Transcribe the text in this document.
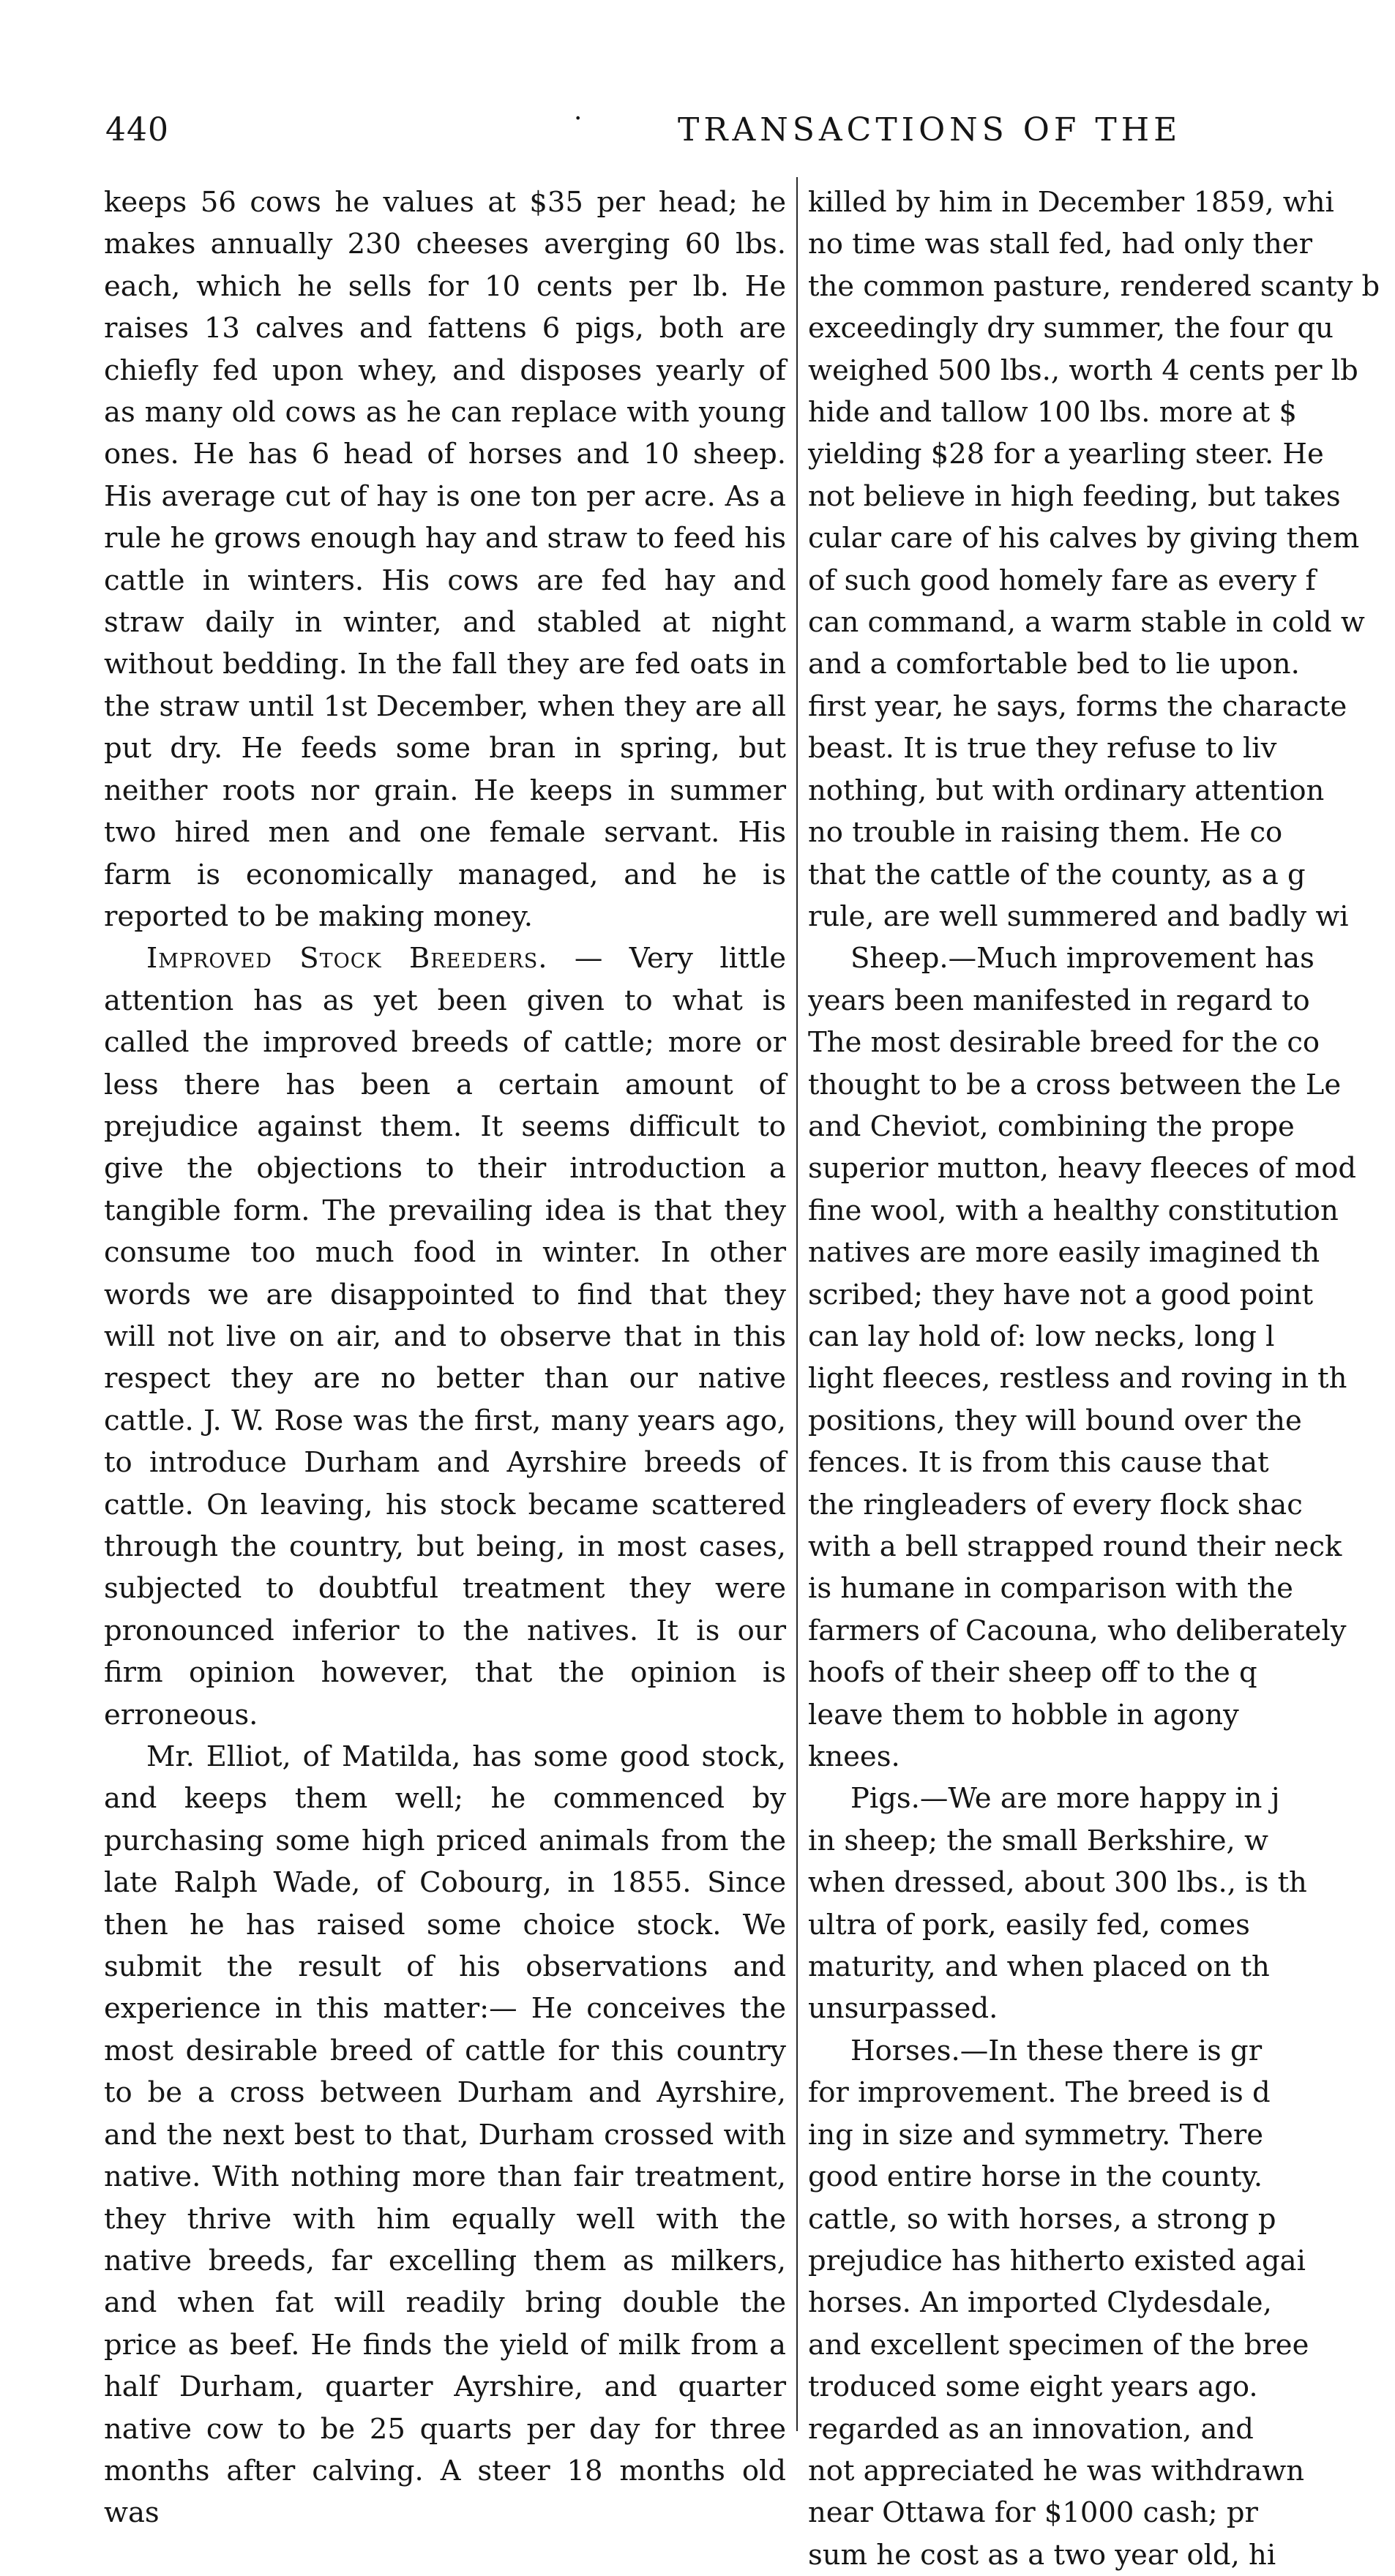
440	·	TRANSACTIONS OF THE

keeps 56 cows he values at $35 per head; he makes annually 230 cheeses averging 60 lbs. each, which he sells for 10 cents per lb. He raises 13 calves and fattens 6 pigs, both are chiefly fed upon whey, and disposes yearly of as many old cows as he can replace with young ones. He has 6 head of horses and 10 sheep. His average cut of hay is one ton per acre. As a rule he grows enough hay and straw to feed his cattle in winters. His cows are fed hay and straw daily in winter, and stabled at night without bedding. In the fall they are fed oats in the straw until 1st December, when they are all put dry. He feeds some bran in spring, but neither roots nor grain. He keeps in summer two hired men and one female servant. His farm is economically managed, and he is reported to be making money.

Improved Stock Breeders. — Very little attention has as yet been given to what is called the improved breeds of cattle; more or less there has been a certain amount of prejudice against them. It seems difficult to give the objections to their introduction a tangible form. The prevailing idea is that they consume too much food in winter. In other words we are disappointed to find that they will not live on air, and to observe that in this respect they are no better than our native cattle. J. W. Rose was the first, many years ago, to introduce Durham and Ayrshire breeds of cattle. On leaving, his stock became scattered through the country, but being, in most cases, subjected to doubtful treatment they were pronounced inferior to the natives. It is our firm opinion however, that the opinion is erroneous.

Mr. Elliot, of Matilda, has some good stock, and keeps them well; he commenced by purchasing some high priced animals from the late Ralph Wade, of Cobourg, in 1855. Since then he has raised some choice stock. We submit the result of his observations and experience in this matter:— He conceives the most desirable breed of cattle for this country to be a cross between Durham and Ayrshire, and the next best to that, Durham crossed with native. With nothing more than fair treatment, they thrive with him equally well with the native breeds, far excelling them as milkers, and when fat will readily bring double the price as beef. He finds the yield of milk from a half Durham, quarter Ayrshire, and quarter native cow to be 25 quarts per day for three months after calving. A steer 18 months old was

killed by him in December 1859, whi
no time was stall fed, had only ther
the common pasture, rendered scanty b
exceedingly dry summer, the four qu
weighed 500 lbs., worth 4 cents per lb
hide and tallow 100 lbs. more at $
yielding $28 for a yearling steer. He
not believe in high feeding, but takes
cular care of his calves by giving them
of such good homely fare as every f
can command, a warm stable in cold w
and a comfortable bed to lie upon.
first year, he says, forms the characte
beast. It is true they refuse to liv
nothing, but with ordinary attention
no trouble in raising them. He co
that the cattle of the county, as a g
rule, are well summered and badly wi
Sheep.—Much improvement has
years been manifested in regard to
The most desirable breed for the co
thought to be a cross between the Le
and Cheviot, combining the prope
superior mutton, heavy fleeces of mod
fine wool, with a healthy constitution
natives are more easily imagined th
scribed; they have not a good point
can lay hold of: low necks, long l
light fleeces, restless and roving in th
positions, they will bound over the
fences. It is from this cause that
the ringleaders of every flock shac
with a bell strapped round their neck
is humane in comparison with the
farmers of Cacouna, who deliberately
hoofs of their sheep off to the q
leave them to hobble in agony
knees.
Pigs.—We are more happy in j
in sheep; the small Berkshire, w
when dressed, about 300 lbs., is th
ultra of pork, easily fed, comes
maturity, and when placed on th
unsurpassed.
Horses.—In these there is gr
for improvement. The breed is d
ing in size and symmetry. There
good entire horse in the county.
cattle, so with horses, a strong p
prejudice has hitherto existed agai
horses. An imported Clydesdale,
and excellent specimen of the bree
troduced some eight years ago.
regarded as an innovation, and
not appreciated he was withdrawn
near Ottawa for $1000 cash; pr
sum he cost as a two year old, hi
